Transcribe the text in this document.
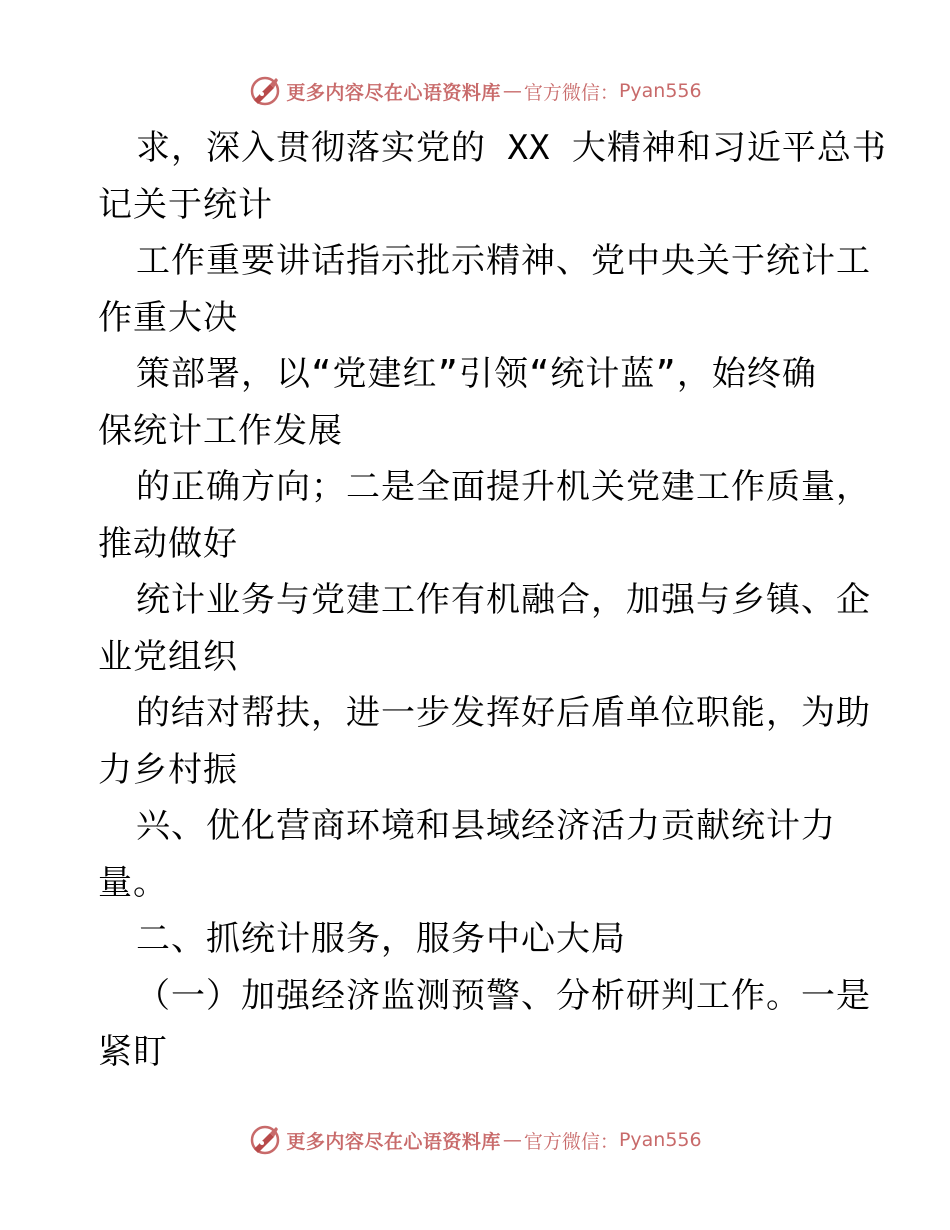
更多内容尽在心语资料库 — 官方微信： Pyan556
求，深入贯彻落实党的 XX 大精神和习近平总书
记关于统计
工作重要讲话指示批示精神、党中央关于统计工
作重大决
策部署，以“党建红”引领“统计蓝”，始终确
保统计工作发展
的正确方向；二是全面提升机关党建工作质量，
推动做好
统计业务与党建工作有机融合，加强与乡镇、企
业党组织
的结对帮扶，进一步发挥好后盾单位职能，为助
力乡村振
兴、优化营商环境和县域经济活力贡献统计力
量。
二、抓统计服务，服务中心大局
（一）加强经济监测预警、分析研判工作。一是
紧盯
更多内容尽在心语资料库 — 官方微信： Pyan556
